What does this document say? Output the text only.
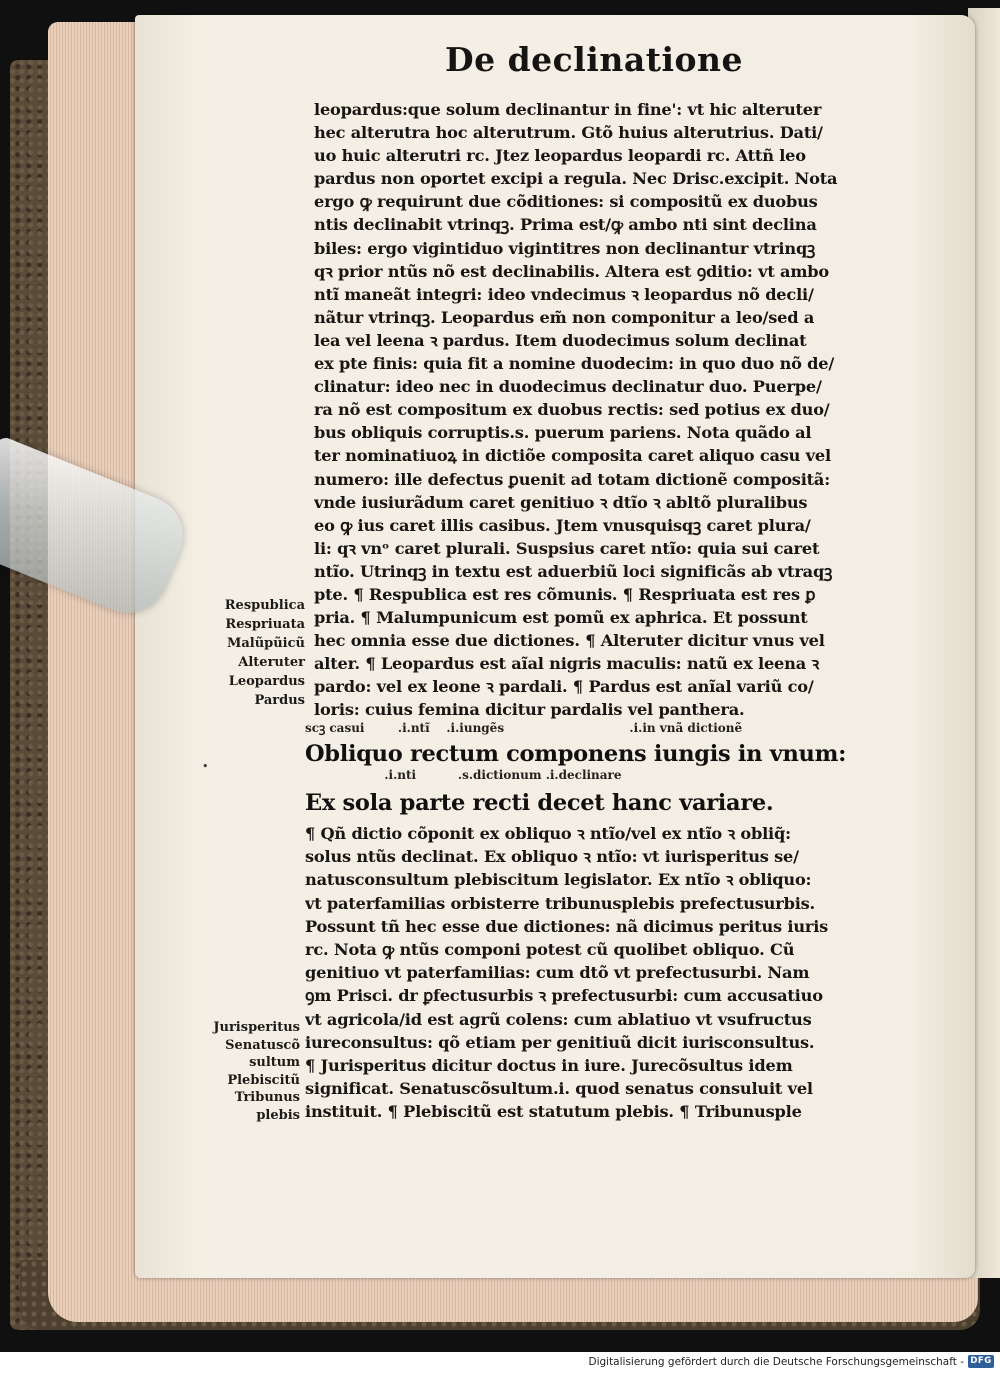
De declinatione
leopardus:que solum declinantur in fine': vt hic alteruter
hec alterutra hoc alterutrum. Gtõ huius alterutrius. Dati/
uo huic alterutri rc. Jtez leopardus leopardi rc. Attñ leo
pardus non oportet excipi a regula. Nec Drisc.excipit. Nota
ergo ꝙ requirunt due cõditiones: si compositũ ex duobus
ntis declinabit vtrinqꝫ. Prima est/ꝙ ambo nti sint declina
biles: ergo vigintiduo vigintitres non declinantur vtrinqꝫ
qꝛ prior ntũs nõ est declinabilis. Altera est ꝯditio: vt ambo
ntĩ maneãt integri: ideo vndecimus ꝛ leopardus nõ decli/
nãtur vtrinqꝫ. Leopardus em̃ non componitur a leo/sed a
lea vel leena ꝛ pardus. Item duodecimus solum declinat
ex pte finis: quia fit a nomine duodecim: in quo duo nõ de/
clinatur: ideo nec in duodecimus declinatur duo. Puerpe/
ra nõ est compositum ex duobus rectis: sed potius ex duo/
bus obliquis corruptis.s. puerum pariens. Nota quãdo al
ter nominatiuoꝝ in dictiõe composita caret aliquo casu vel
numero: ille defectus ꝑuenit ad totam dictionẽ compositã:
vnde iusiurãdum caret genitiuo ꝛ dtĩo ꝛ abltõ pluralibus
eo ꝙ ius caret illis casibus. Jtem vnusquisqꝫ caret plura/
li: qꝛ vnᵒ caret plurali. Suspsius caret ntĩo: quia sui caret
ntĩo. Utrinqꝫ in textu est aduerbiũ loci significãs ab vtraqꝫ
pte. ¶ Respublica est res cõmunis. ¶ Respriuata est res ꝑ
pria. ¶ Malumpunicum est pomũ ex aphrica. Et possunt
hec omnia esse due dictiones. ¶ Alteruter dicitur vnus vel
alter. ¶ Leopardus est aĩal nigris maculis: natũ ex leena ꝛ
pardo: vel ex leone ꝛ pardali. ¶ Pardus est anĩal variũ co/
loris: cuius femina dicitur pardalis vel panthera.
scꝫ casui        .i.ntĩ    .i.iungẽs                              .i.in vnã dictionẽ
Obliquo rectum componens iungis in vnum:
.i.nti          .s.dictionum .i.declinare
Ex sola parte recti decet hanc variare.
¶ Qñ dictio cõponit ex obliquo ꝛ ntĩo/vel ex ntĩo ꝛ obliq̃:
solus ntũs declinat. Ex obliquo ꝛ ntĩo: vt iurisperitus se/
natusconsultum plebiscitum legislator. Ex ntĩo ꝛ obliquo:
vt paterfamilias orbisterre tribunusplebis prefectusurbis.
Possunt tñ hec esse due dictiones: nã dicimus peritus iuris
rc. Nota ꝙ ntũs componi potest cũ quolibet obliquo. Cũ
genitiuo vt paterfamilias: cum dtõ vt prefectusurbi. Nam
ꝯm Prisci. dr ꝑfectusurbis ꝛ prefectusurbi: cum accusatiuo
vt agricola/id est agrũ colens: cum ablatiuo vt vsufructus
iureconsultus: qõ etiam per genitiuũ dicit iurisconsultus.
¶ Jurisperitus dicitur doctus in iure. Jurecõsultus idem
significat. Senatuscõsultum.i. quod senatus consuluit vel
instituit. ¶ Plebiscitũ est statutum plebis. ¶ Tribunusple
Respublica
Respriuata
Malũpũicũ
Alteruter
Leopardus
Pardus
Jurisperitus
Senatuscõ
sultum
Plebiscitũ
Tribunus
plebis
•
Digitalisierung gefördert durch die Deutsche Forschungsgemeinschaft - DFG
